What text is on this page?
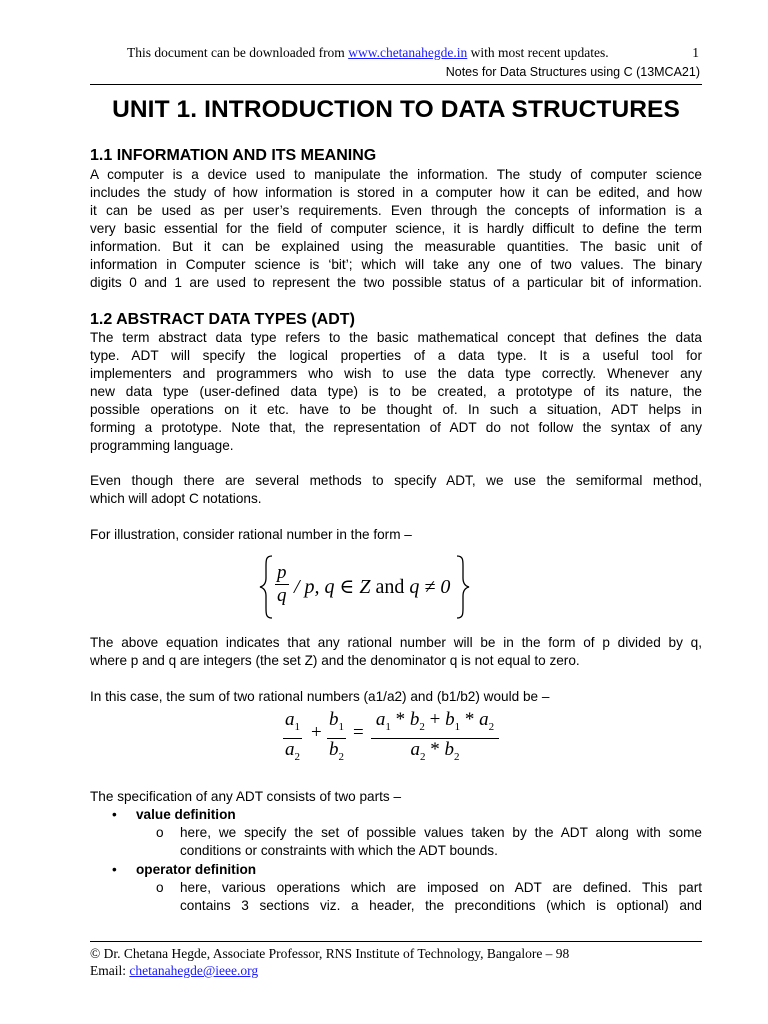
This document can be downloaded from www.chetanahegde.in with most recent updates.	1
Notes for Data Structures using C (13MCA21)
UNIT 1. INTRODUCTION TO DATA STRUCTURES
1.1 INFORMATION AND ITS MEANING
A computer is a device used to manipulate the information. The study of computer science
includes the study of how information is stored in a computer how it can be edited, and how
it can be used as per user’s requirements. Even through the concepts of information is a
very basic essential for the field of computer science, it is hardly difficult to define the term
information. But it can be explained using the measurable quantities. The basic unit of
information in Computer science is ‘bit’; which will take any one of two values. The binary
digits 0 and 1 are used to represent the two possible status of a particular bit of information.
1.2 ABSTRACT DATA TYPES (ADT)
The term abstract data type refers to the basic mathematical concept that defines the data
type. ADT will specify the logical properties of a data type. It is a useful tool for
implementers and programmers who wish to use the data type correctly. Whenever any
new data type (user-defined data type) is to be created, a prototype of its nature, the
possible operations on it etc. have to be thought of. In such a situation, ADT helps in
forming a prototype. Note that, the representation of ADT do not follow the syntax of any
programming language.
Even though there are several methods to specify ADT, we use the semiformal method,
which will adopt C notations.
For illustration, consider rational number in the form –
$\frac{p}{q}$ / p, q ∈ Z and q ≠ 0
The above equation indicates that any rational number will be in the form of p divided by q,
where p and q are integers (the set Z) and the denominator q is not equal to zero.
In this case, the sum of two rational numbers (a1/a2) and (b1/b2) would be –
$\frac{a_1}{a_2} + \frac{b_1}{b_2} = \frac{a_1 * b_2 + b_1 * a_2}{a_2 * b_2}$
The specification of any ADT consists of two parts –
• value definition
o here, we specify the set of possible values taken by the ADT along with some
conditions or constraints with which the ADT bounds.
• operator definition
o here, various operations which are imposed on ADT are defined. This part
contains 3 sections viz. a header, the preconditions (which is optional) and
© Dr. Chetana Hegde, Associate Professor, RNS Institute of Technology, Bangalore – 98
Email: chetanahegde@ieee.org
